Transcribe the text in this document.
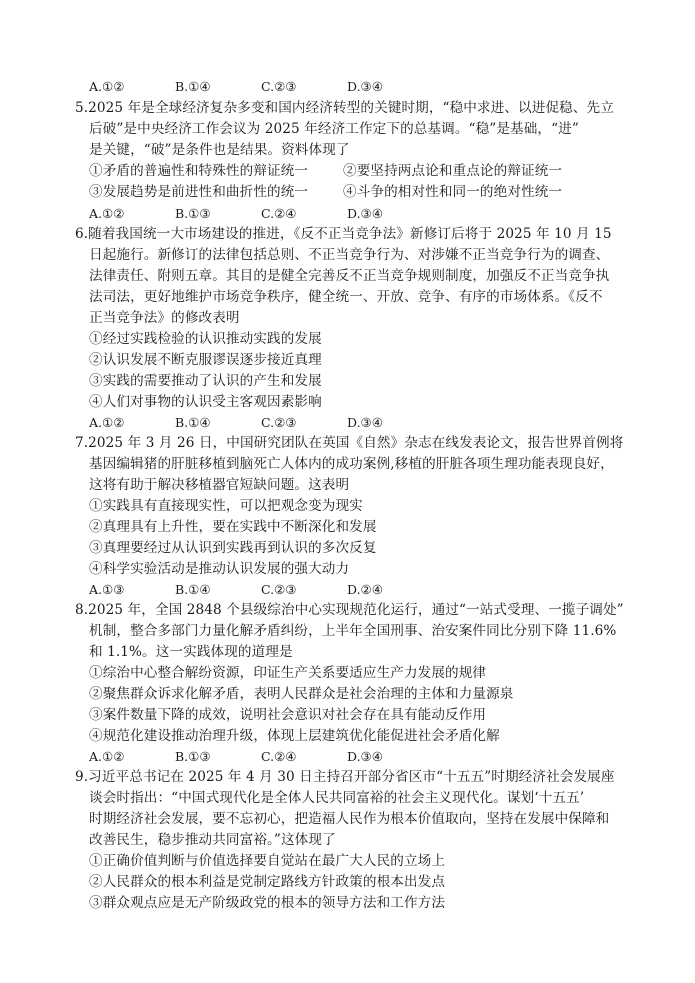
A.①②	B.①④	C.②③	D.③④
5.2025 年是全球经济复杂多变和国内经济转型的关键时期，“稳中求进、以进促稳、先立
后破”是中央经济工作会议为 2025 年经济工作定下的总基调。“稳”是基础，“进”
是关键，“破”是条件也是结果。资料体现了
①矛盾的普遍性和特殊性的辩证统一	②要坚持两点论和重点论的辩证统一
③发展趋势是前进性和曲折性的统一	④斗争的相对性和同一的绝对性统一
A.①②	B.①③	C.②④	D.③④
6.随着我国统一大市场建设的推进，《反不正当竞争法》新修订后将于 2025 年 10 月 15
日起施行。新修订的法律包括总则、不正当竞争行为、对涉嫌不正当竞争行为的调查、
法律责任、附则五章。其目的是健全完善反不正当竞争规则制度，加强反不正当竞争执
法司法，更好地维护市场竞争秩序，健全统一、开放、竞争、有序的市场体系。《反不
正当竞争法》的修改表明
①经过实践检验的认识推动实践的发展
②认识发展不断克服谬误逐步接近真理
③实践的需要推动了认识的产生和发展
④人们对事物的认识受主客观因素影响
A.①②	B.①④	C.②③	D.③④
7.2025 年 3 月 26 日，中国研究团队在英国《自然》杂志在线发表论文，报告世界首例将
基因编辑猪的肝脏移植到脑死亡人体内的成功案例,移植的肝脏各项生理功能表现良好，
这将有助于解决移植器官短缺问题。这表明
①实践具有直接现实性，可以把观念变为现实
②真理具有上升性，要在实践中不断深化和发展
③真理要经过从认识到实践再到认识的多次反复
④科学实验活动是推动认识发展的强大动力
A.①③	B.①④	C.②③	D.②④
8.2025 年，全国 2848 个县级综治中心实现规范化运行，通过“一站式受理、一揽子调处”
机制，整合多部门力量化解矛盾纠纷，上半年全国刑事、治安案件同比分别下降 11.6%
和 1.1%。这一实践体现的道理是
①综治中心整合解纷资源，印证生产关系要适应生产力发展的规律
②聚焦群众诉求化解矛盾，表明人民群众是社会治理的主体和力量源泉
③案件数量下降的成效，说明社会意识对社会存在具有能动反作用
④规范化建设推动治理升级，体现上层建筑优化能促进社会矛盾化解
A.①②	B.①③	C.②④	D.③④
9.习近平总书记在 2025 年 4 月 30 日主持召开部分省区市“十五五”时期经济社会发展座
谈会时指出：“中国式现代化是全体人民共同富裕的社会主义现代化。谋划‘十五五’
时期经济社会发展，要不忘初心，把造福人民作为根本价值取向，坚持在发展中保障和
改善民生，稳步推动共同富裕。”这体现了
①正确价值判断与价值选择要自觉站在最广大人民的立场上
②人民群众的根本利益是党制定路线方针政策的根本出发点
③群众观点应是无产阶级政党的根本的领导方法和工作方法
